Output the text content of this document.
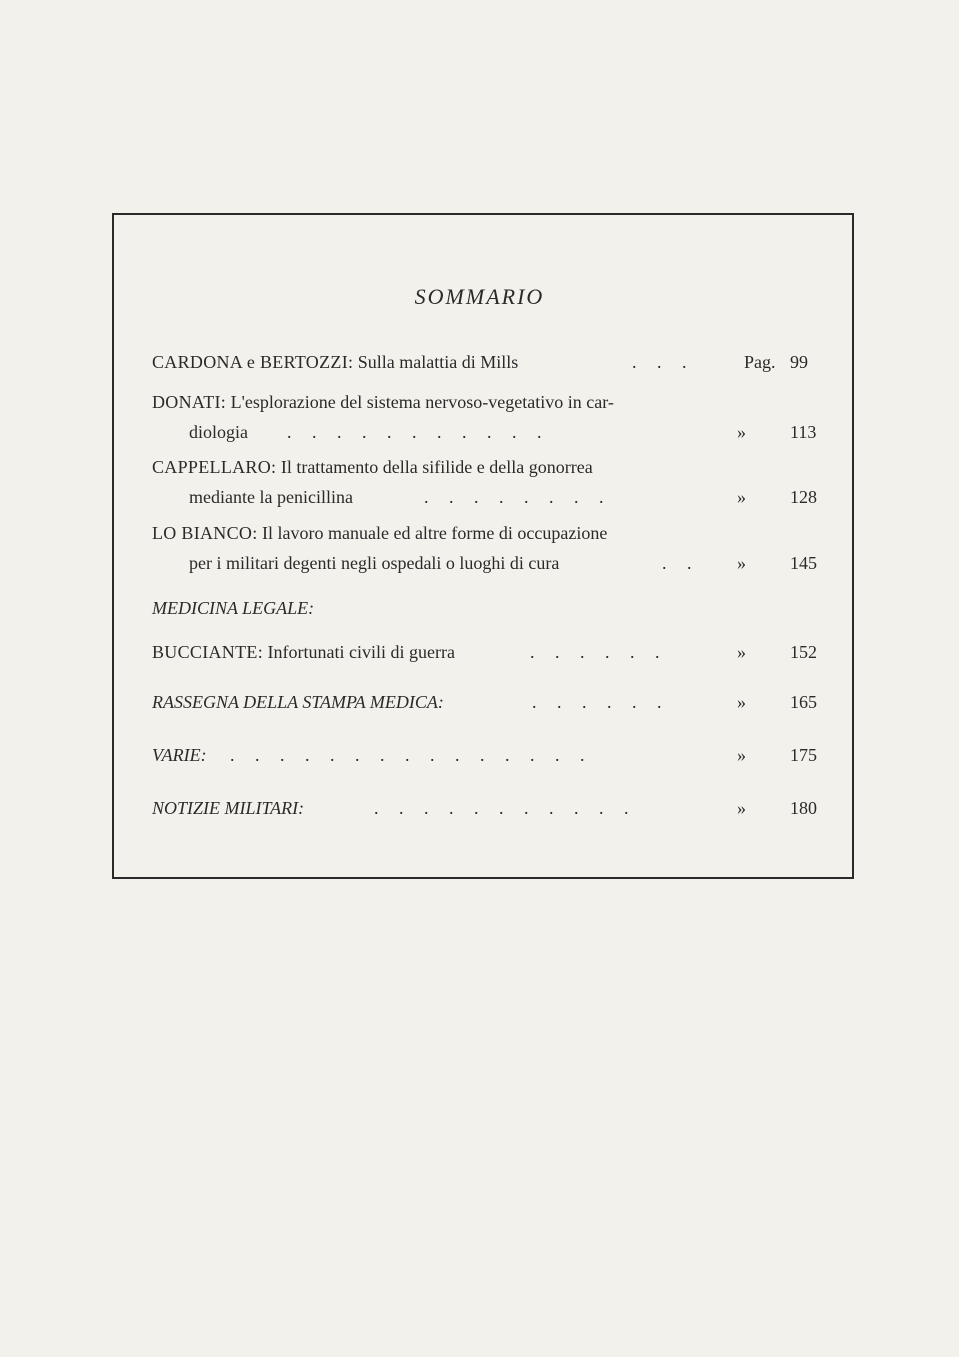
SOMMARIO
CARDONA e BERTOZZI: Sulla malattia di Mills	. . .	Pag. 99
DONATI: L'esplorazione del sistema nervoso-vegetativo in car-
diologia . . . . . . . . . . .	» 113
CAPPELLARO: Il trattamento della sifilide e della gonorrea
mediante la penicillina	. . . . . . . .	» 128
LO BIANCO: Il lavoro manuale ed altre forme di occupazione
per i militari degenti negli ospedali o luoghi di cura	. . » 145
MEDICINA LEGALE:
BUCCIANTE: Infortunati civili di guerra	. . . . . .	» 152
RASSEGNA DELLA STAMPA MEDICA:	. . . . . .	» 165
VARIE: . . . . . . . . . . . . . . .	» 175
NOTIZIE MILITARI:	. . . . . . . . . . .	» 180
